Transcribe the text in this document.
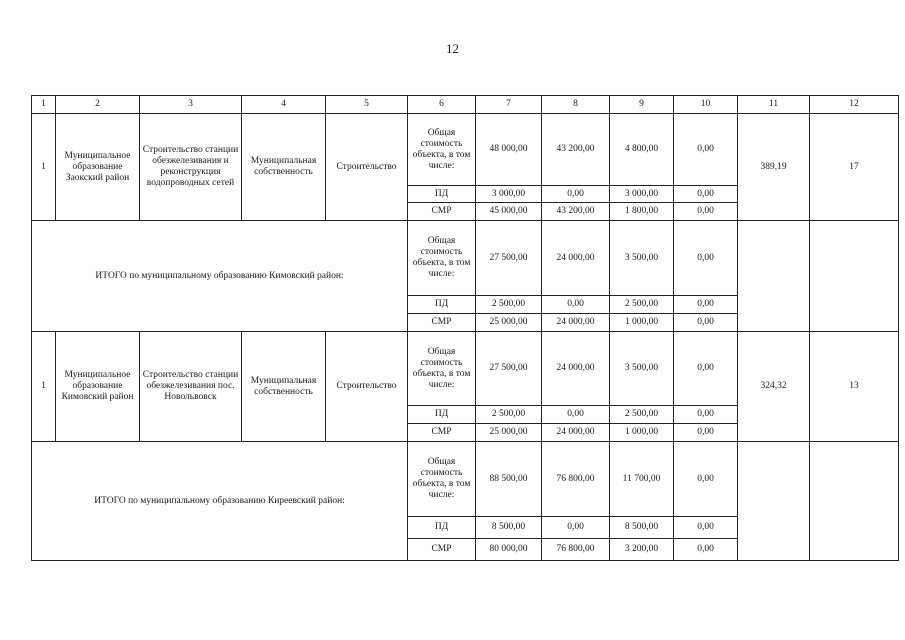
12
1	2	3	4	5	6	7	8	9	10	11	12
1	Муниципальное образование Заокский район	Строительство станции обезжелезивания и реконструкция водопроводных сетей	Муниципальная собственность	Строительство	Общая стоимость объекта, в том числе:	48 000,00	43 200,00	4 800,00	0,00	389,19	17
					ПД	3 000,00	0,00	3 000,00	0,00		
					СМР	45 000,00	43 200,00	1 800,00	0,00		
ИТОГО по муниципальному образованию Кимовский район:					Общая стоимость объекта, в том числе:	27 500,00	24 000,00	3 500,00	0,00		
					ПД	2 500,00	0,00	2 500,00	0,00		
					СМР	25 000,00	24 000,00	1 000,00	0,00		
1	Муниципальное образование Кимовский район	Строительство станции обезжелезивания пос. Новольвовск	Муниципальная собственность	Строительство	Общая стоимость объекта, в том числе:	27 500,00	24 000,00	3 500,00	0,00	324,32	13
					ПД	2 500,00	0,00	2 500,00	0,00		
					СМР	25 000,00	24 000,00	1 000,00	0,00		
ИТОГО по муниципальному образованию Киреевский район:					Общая стоимость объекта, в том числе:	88 500,00	76 800,00	11 700,00	0,00		
					ПД	8 500,00	0,00	8 500,00	0,00		
					СМР	80 000,00	76 800,00	3 200,00	0,00		
